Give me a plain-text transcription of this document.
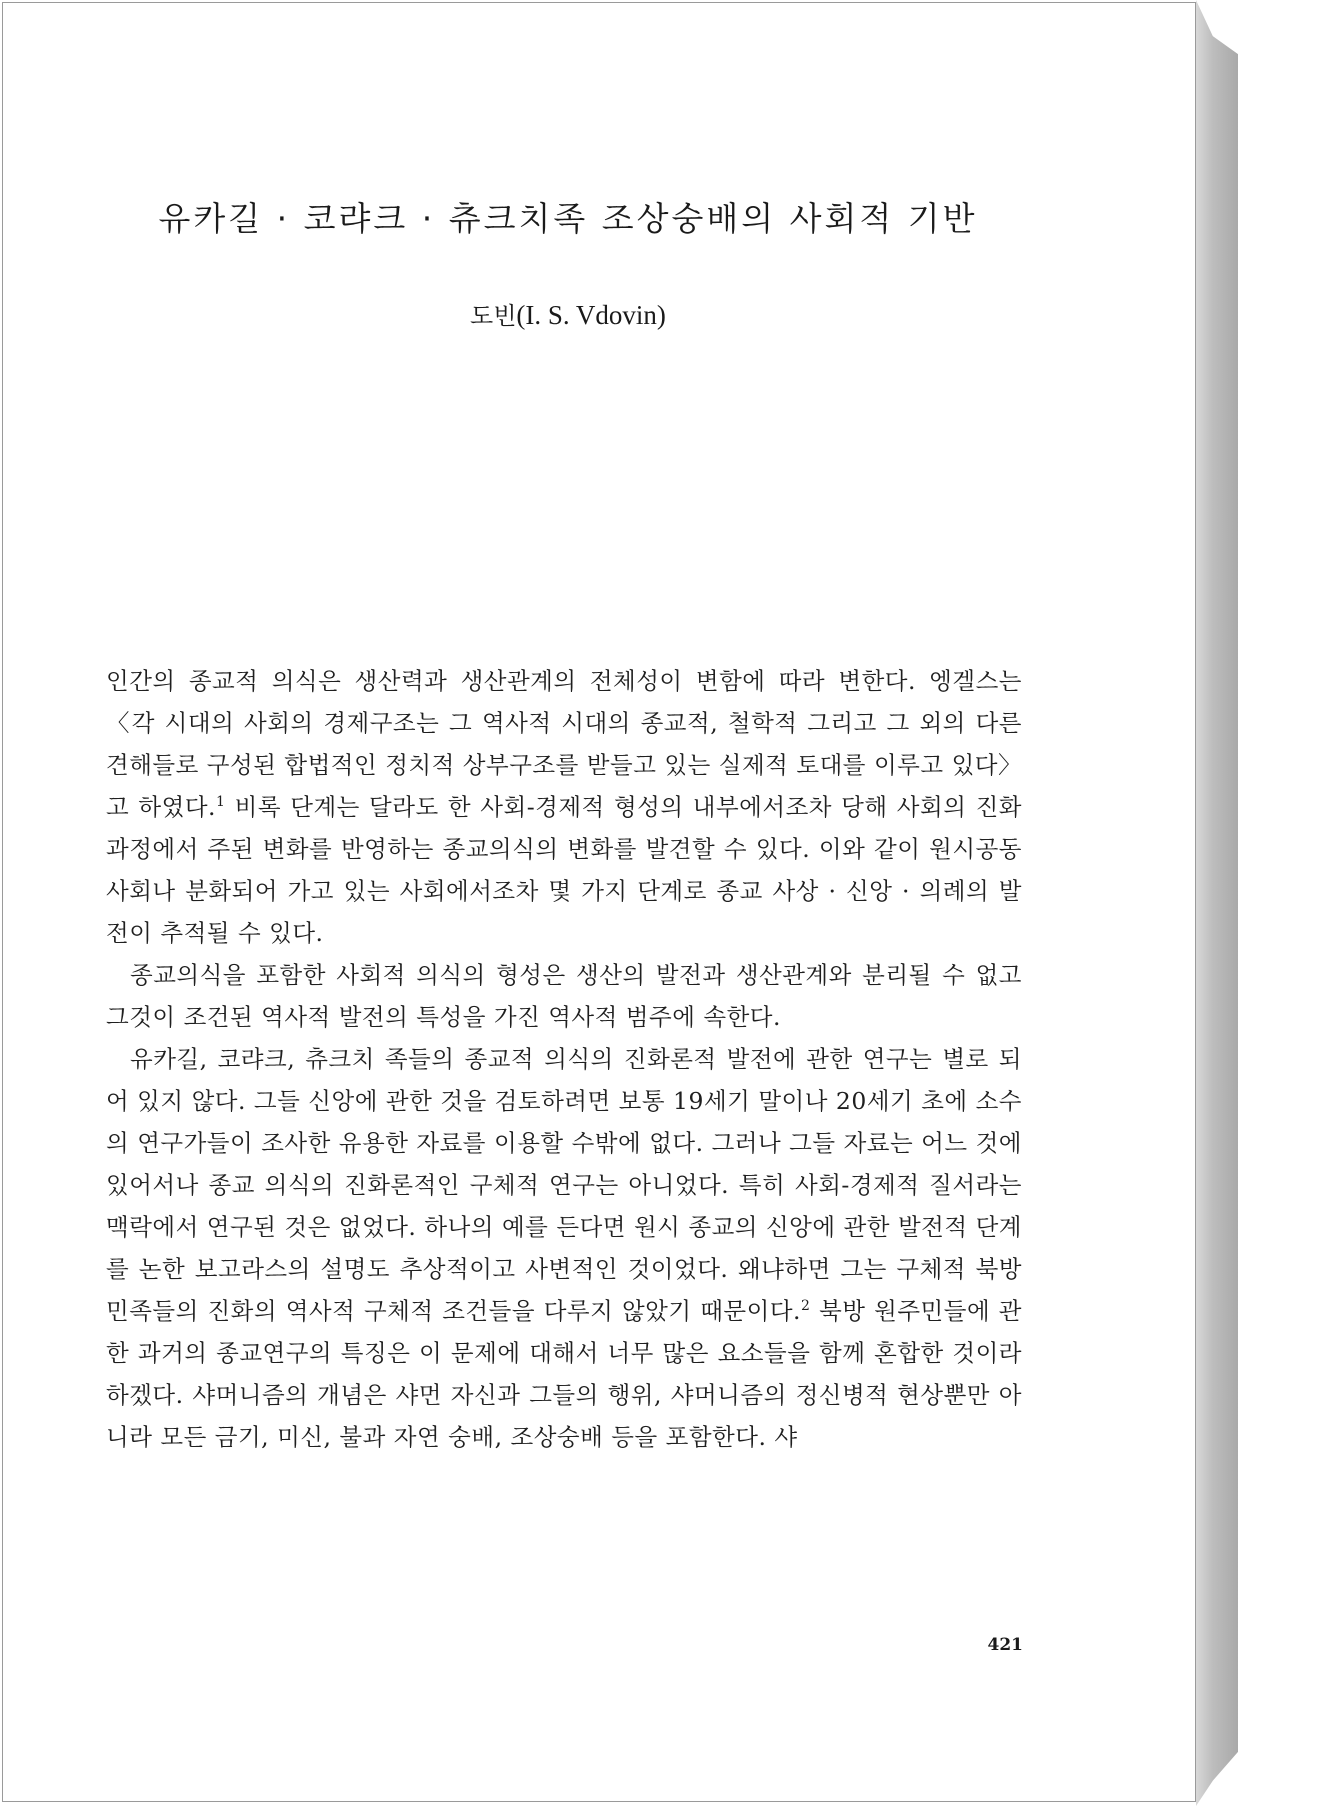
유카길 · 코랴크 · 츄크치족 조상숭배의 사회적 기반
도빈(I. S. Vdovin)

인간의 종교적 의식은 생산력과 생산관계의 전체성이 변함에 따라 변한다. 엥겔스는 〈각 시대의 사회의 경제구조는 그 역사적 시대의 종교적, 철학적 그리고 그 외의 다른 견해들로 구성된 합법적인 정치적 상부구조를 받들고 있는 실제적 토대를 이루고 있다〉고 하였다.$^1$ 비록 단계는 달라도 한 사회-경제적 형성의 내부에서조차 당해 사회의 진화과정에서 주된 변화를 반영하는 종교의식의 변화를 발견할 수 있다. 이와 같이 원시공동사회나 분화되어 가고 있는 사회에서조차 몇 가지 단계로 종교 사상 · 신앙 · 의례의 발전이 추적될 수 있다.

종교의식을 포함한 사회적 의식의 형성은 생산의 발전과 생산관계와 분리될 수 없고 그것이 조건된 역사적 발전의 특성을 가진 역사적 범주에 속한다.

유카길, 코랴크, 츄크치 족들의 종교적 의식의 진화론적 발전에 관한 연구는 별로 되어 있지 않다. 그들 신앙에 관한 것을 검토하려면 보통 19세기 말이나 20세기 초에 소수의 연구가들이 조사한 유용한 자료를 이용할 수밖에 없다. 그러나 그들 자료는 어느 것에 있어서나 종교 의식의 진화론적인 구체적 연구는 아니었다. 특히 사회-경제적 질서라는 맥락에서 연구된 것은 없었다. 하나의 예를 든다면 원시 종교의 신앙에 관한 발전적 단계를 논한 보고라스의 설명도 추상적이고 사변적인 것이었다. 왜냐하면 그는 구체적 북방 민족들의 진화의 역사적 구체적 조건들을 다루지 않았기 때문이다.$^2$ 북방 원주민들에 관한 과거의 종교연구의 특징은 이 문제에 대해서 너무 많은 요소들을 함께 혼합한 것이라 하겠다. 샤머니즘의 개념은 샤먼 자신과 그들의 행위, 샤머니즘의 정신병적 현상뿐만 아니라 모든 금기, 미신, 불과 자연 숭배, 조상숭배 등을 포함한다. 샤

421
